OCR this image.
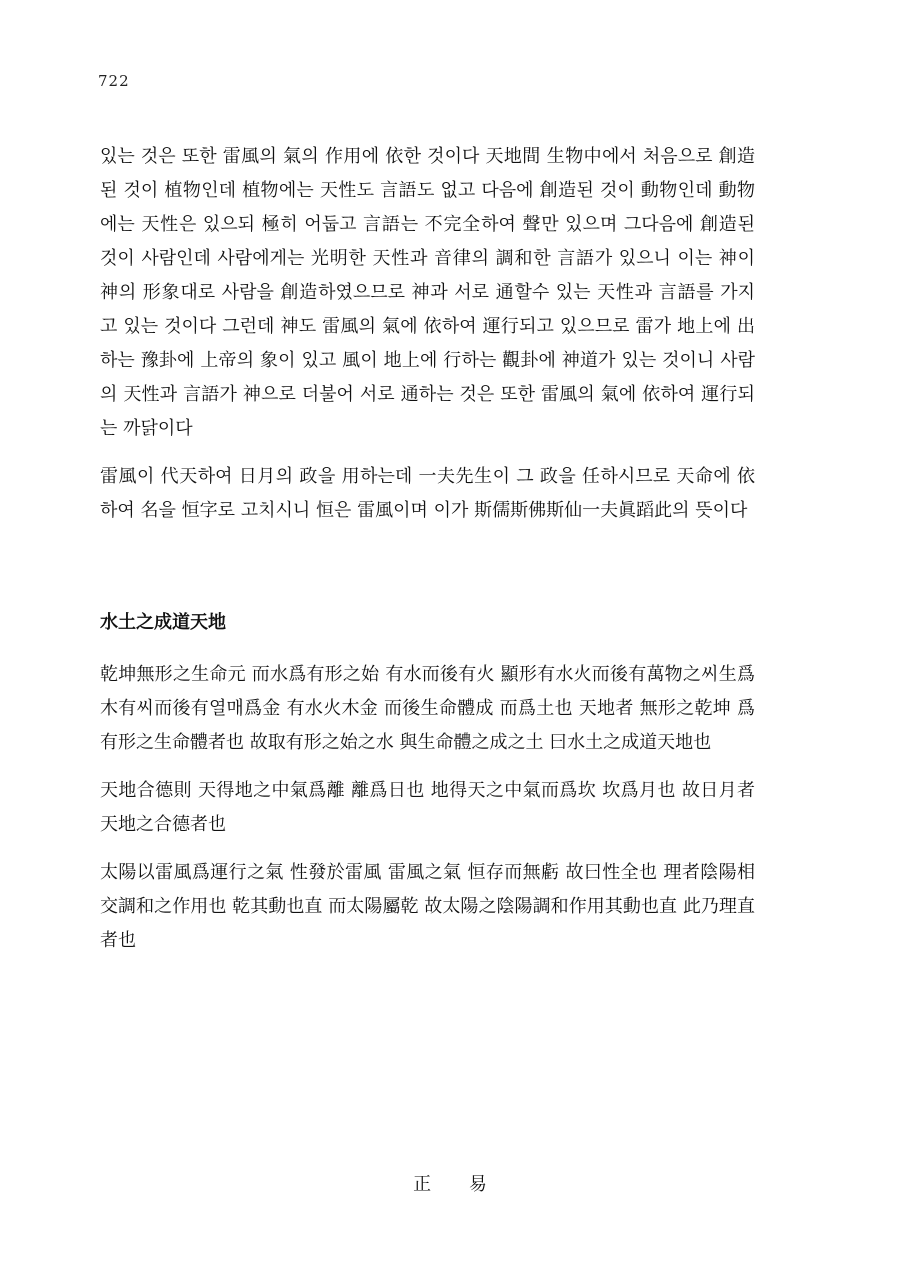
722

있는 것은 또한 雷風의 氣의 作用에 依한 것이다 天地間 生物中에서 처음으로 創造된 것이 植物인데 植物에는 天性도 言語도 없고 다음에 創造된 것이 動物인데 動物에는 天性은 있으되 極히 어둡고 言語는 不完全하여 聲만 있으며 그다음에 創造된 것이 사람인데 사람에게는 光明한 天性과 音律의 調和한 言語가 있으니 이는 神이 神의 形象대로 사람을 創造하였으므로 神과 서로 通할수 있는 天性과 言語를 가지고 있는 것이다 그런데 神도 雷風의 氣에 依하여 運行되고 있으므로 雷가 地上에 出하는 豫卦에 上帝의 象이 있고 風이 地上에 行하는 觀卦에 神道가 있는 것이니 사람의 天性과 言語가 神으로 더불어 서로 通하는 것은 또한 雷風의 氣에 依하여 運行되는 까닭이다

雷風이 代天하여 日月의 政을 用하는데 一夫先生이 그 政을 任하시므로 天命에 依하여 名을 恒字로 고치시니 恒은 雷風이며 이가 斯儒斯佛斯仙一夫眞蹈此의 뜻이다

水土之成道天地

乾坤無形之生命元 而水爲有形之始 有水而後有火 顯形有水火而後有萬物之씨生爲木有씨而後有열매爲金 有水火木金 而後生命體成 而爲土也 天地者 無形之乾坤 爲有形之生命體者也 故取有形之始之水 與生命體之成之土 曰水土之成道天地也

天地合德則 天得地之中氣爲離 離爲日也 地得天之中氣而爲坎 坎爲月也 故日月者 天地之合德者也

太陽以雷風爲運行之氣 性發於雷風 雷風之氣 恒存而無虧 故曰性全也 理者陰陽相交調和之作用也 乾其動也直 而太陽屬乾 故太陽之陰陽調和作用其動也直 此乃理直者也

正 易
